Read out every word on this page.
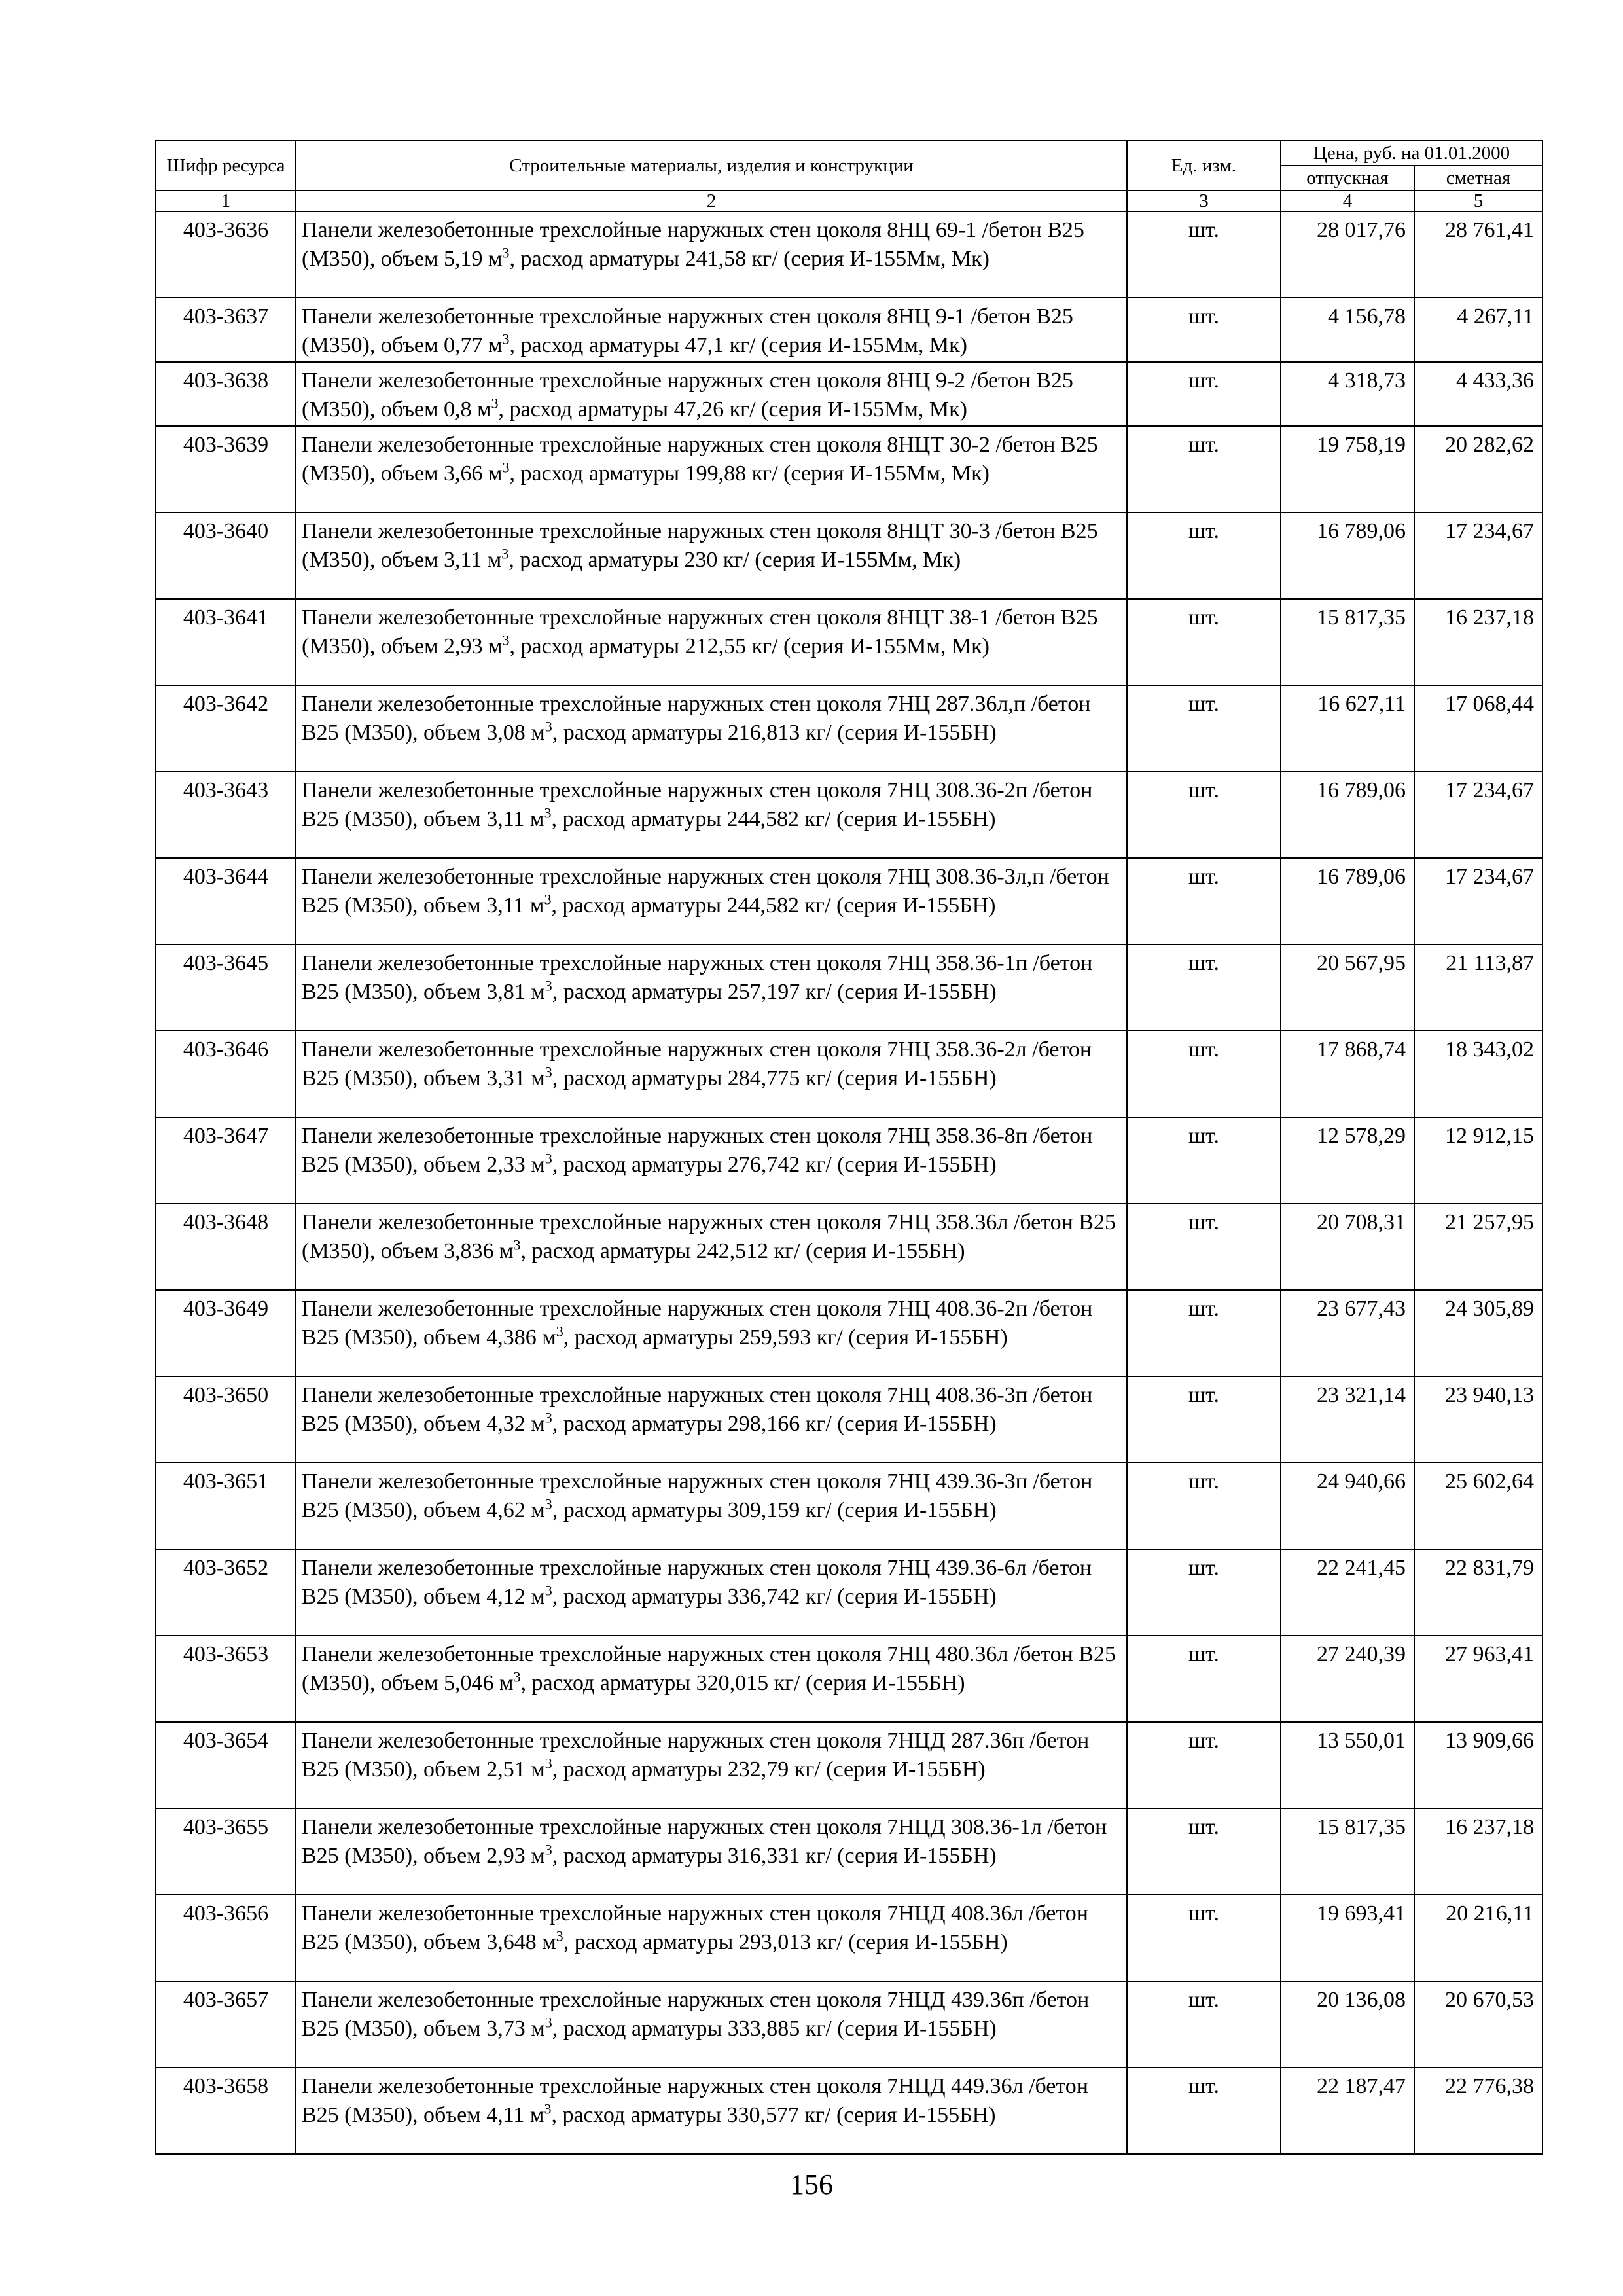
Шифр ресурса	Строительные материалы, изделия и конструкции	Ед. изм.	Цена, руб. на 01.01.2000	
			отпускная	сметная
1	2	3	4	5
403-3636	Панели железобетонные трехслойные наружных стен цоколя 8НЦ 69-1 /бетон В25 (М350), объем 5,19 $м^3$, расход арматуры 241,58 кг/ (серия И-155Мм, Мк)	шт.	28 017,76	28 761,41
403-3637	Панели железобетонные трехслойные наружных стен цоколя 8НЦ 9-1 /бетон В25 (М350), объем 0,77 $м^3$, расход арматуры 47,1 кг/ (серия И-155Мм, Мк)	шт.	4 156,78	4 267,11
403-3638	Панели железобетонные трехслойные наружных стен цоколя 8НЦ 9-2 /бетон В25 (М350), объем 0,8 $м^3$, расход арматуры 47,26 кг/ (серия И-155Мм, Мк)	шт.	4 318,73	4 433,36
403-3639	Панели железобетонные трехслойные наружных стен цоколя 8НЦТ 30-2 /бетон В25 (М350), объем 3,66 $м^3$, расход арматуры 199,88 кг/ (серия И-155Мм, Мк)	шт.	19 758,19	20 282,62
403-3640	Панели железобетонные трехслойные наружных стен цоколя 8НЦТ 30-3 /бетон В25 (М350), объем 3,11 $м^3$, расход арматуры 230 кг/ (серия И-155Мм, Мк)	шт.	16 789,06	17 234,67
403-3641	Панели железобетонные трехслойные наружных стен цоколя 8НЦТ 38-1 /бетон В25 (М350), объем 2,93 $м^3$, расход арматуры 212,55 кг/ (серия И-155Мм, Мк)	шт.	15 817,35	16 237,18
403-3642	Панели железобетонные трехслойные наружных стен цоколя 7НЦ 287.36л,п /бетон В25 (М350), объем 3,08 $м^3$, расход арматуры 216,813 кг/ (серия И-155БН)	шт.	16 627,11	17 068,44
403-3643	Панели железобетонные трехслойные наружных стен цоколя 7НЦ 308.36-2п /бетон В25 (М350), объем 3,11 $м^3$, расход арматуры 244,582 кг/ (серия И-155БН)	шт.	16 789,06	17 234,67
403-3644	Панели железобетонные трехслойные наружных стен цоколя 7НЦ 308.36-3л,п /бетон В25 (М350), объем 3,11 $м^3$, расход арматуры 244,582 кг/ (серия И-155БН)	шт.	16 789,06	17 234,67
403-3645	Панели железобетонные трехслойные наружных стен цоколя 7НЦ 358.36-1п /бетон В25 (М350), объем 3,81 $м^3$, расход арматуры 257,197 кг/ (серия И-155БН)	шт.	20 567,95	21 113,87
403-3646	Панели железобетонные трехслойные наружных стен цоколя 7НЦ 358.36-2л /бетон В25 (М350), объем 3,31 $м^3$, расход арматуры 284,775 кг/ (серия И-155БН)	шт.	17 868,74	18 343,02
403-3647	Панели железобетонные трехслойные наружных стен цоколя 7НЦ 358.36-8п /бетон В25 (М350), объем 2,33 $м^3$, расход арматуры 276,742 кг/ (серия И-155БН)	шт.	12 578,29	12 912,15
403-3648	Панели железобетонные трехслойные наружных стен цоколя 7НЦ 358.36л /бетон В25 (М350), объем 3,836 $м^3$, расход арматуры 242,512 кг/ (серия И-155БН)	шт.	20 708,31	21 257,95
403-3649	Панели железобетонные трехслойные наружных стен цоколя 7НЦ 408.36-2п /бетон В25 (М350), объем 4,386 $м^3$, расход арматуры 259,593 кг/ (серия И-155БН)	шт.	23 677,43	24 305,89
403-3650	Панели железобетонные трехслойные наружных стен цоколя 7НЦ 408.36-3п /бетон В25 (М350), объем 4,32 $м^3$, расход арматуры 298,166 кг/ (серия И-155БН)	шт.	23 321,14	23 940,13
403-3651	Панели железобетонные трехслойные наружных стен цоколя 7НЦ 439.36-3п /бетон В25 (М350), объем 4,62 $м^3$, расход арматуры 309,159 кг/ (серия И-155БН)	шт.	24 940,66	25 602,64
403-3652	Панели железобетонные трехслойные наружных стен цоколя 7НЦ 439.36-6л /бетон В25 (М350), объем 4,12 $м^3$, расход арматуры 336,742 кг/ (серия И-155БН)	шт.	22 241,45	22 831,79
403-3653	Панели железобетонные трехслойные наружных стен цоколя 7НЦ 480.36л /бетон В25 (М350), объем 5,046 $м^3$, расход арматуры 320,015 кг/ (серия И-155БН)	шт.	27 240,39	27 963,41
403-3654	Панели железобетонные трехслойные наружных стен цоколя 7НЦД 287.36п /бетон В25 (М350), объем 2,51 $м^3$, расход арматуры 232,79 кг/ (серия И-155БН)	шт.	13 550,01	13 909,66
403-3655	Панели железобетонные трехслойные наружных стен цоколя 7НЦД 308.36-1л /бетон В25 (М350), объем 2,93 $м^3$, расход арматуры 316,331 кг/ (серия И-155БН)	шт.	15 817,35	16 237,18
403-3656	Панели железобетонные трехслойные наружных стен цоколя 7НЦД 408.36л /бетон В25 (М350), объем 3,648 $м^3$, расход арматуры 293,013 кг/ (серия И-155БН)	шт.	19 693,41	20 216,11
403-3657	Панели железобетонные трехслойные наружных стен цоколя 7НЦД 439.36п /бетон В25 (М350), объем 3,73 $м^3$, расход арматуры 333,885 кг/ (серия И-155БН)	шт.	20 136,08	20 670,53
403-3658	Панели железобетонные трехслойные наружных стен цоколя 7НЦД 449.36л /бетон В25 (М350), объем 4,11 $м^3$, расход арматуры 330,577 кг/ (серия И-155БН)	шт.	22 187,47	22 776,38
156
